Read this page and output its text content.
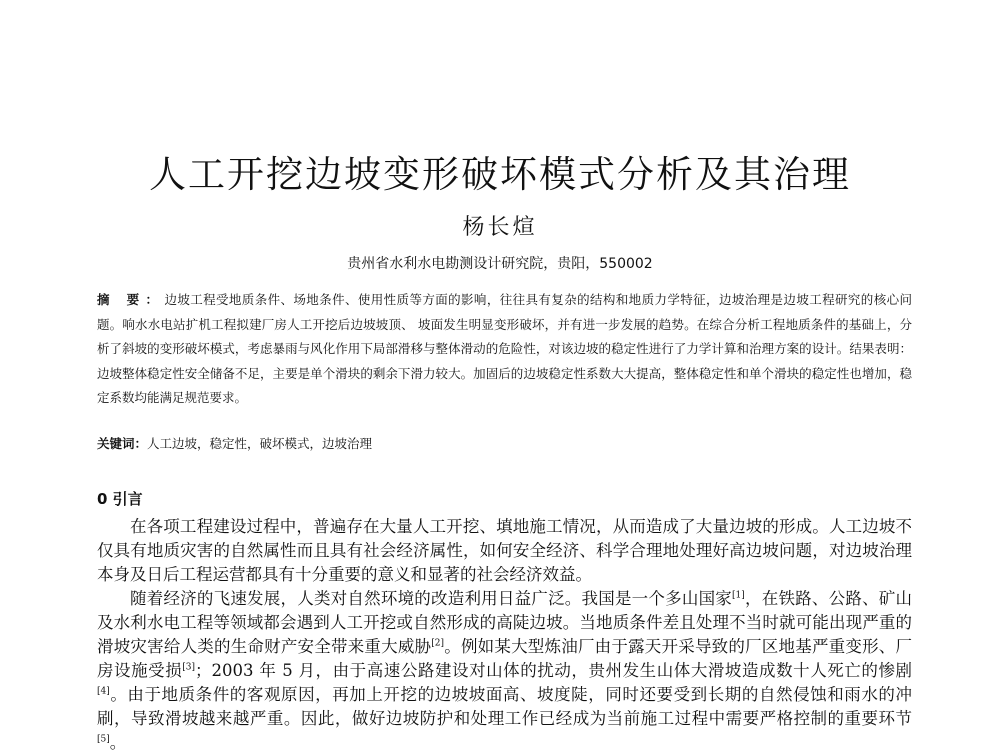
人工开挖边坡变形破坏模式分析及其治理
杨长煊
贵州省水利水电勘测设计研究院，贵阳，550002
摘 要：边坡工程受地质条件、场地条件、使用性质等方面的影响，往往具有复杂的结构和地质力学特征，边坡治理是边坡工程研究的核心问题。响水水电站扩机工程拟建厂房人工开挖后边坡坡顶、 坡面发生明显变形破坏，并有进一步发展的趋势。在综合分析工程地质条件的基础上，分析了斜坡的变形破坏模式，考虑暴雨与风化作用下局部滑移与整体滑动的危险性，对该边坡的稳定性进行了力学计算和治理方案的设计。结果表明：边坡整体稳定性安全储备不足，主要是单个滑块的剩余下滑力较大。加固后的边坡稳定性系数大大提高，整体稳定性和单个滑块的稳定性也增加，稳定系数均能满足规范要求。
关键词：人工边坡，稳定性，破坏模式，边坡治理
0 引言

在各项工程建设过程中，普遍存在大量人工开挖、填地施工情况，从而造成了大量边坡的形成。人工边坡不仅具有地质灾害的自然属性而且具有社会经济属性，如何安全经济、科学合理地处理好高边坡问题，对边坡治理本身及日后工程运营都具有十分重要的意义和显著的社会经济效益。

随着经济的飞速发展，人类对自然环境的改造利用日益广泛。我国是一个多山国家[1]，在铁路、公路、矿山及水利水电工程等领域都会遇到人工开挖或自然形成的高陡边坡。当地质条件差且处理不当时就可能出现严重的滑坡灾害给人类的生命财产安全带来重大威胁[2]。例如某大型炼油厂由于露天开采导致的厂区地基严重变形、厂房设施受损[3]；2003 年 5 月，由于高速公路建设对山体的扰动，贵州发生山体大滑坡造成数十人死亡的惨剧[4]。由于地质条件的客观原因，再加上开挖的边坡坡面高、坡度陡，同时还要受到长期的自然侵蚀和雨水的冲刷，导致滑坡越来越严重。因此，做好边坡防护和处理工作已经成为当前施工过程中需要严格控制的重要环节[5]。
